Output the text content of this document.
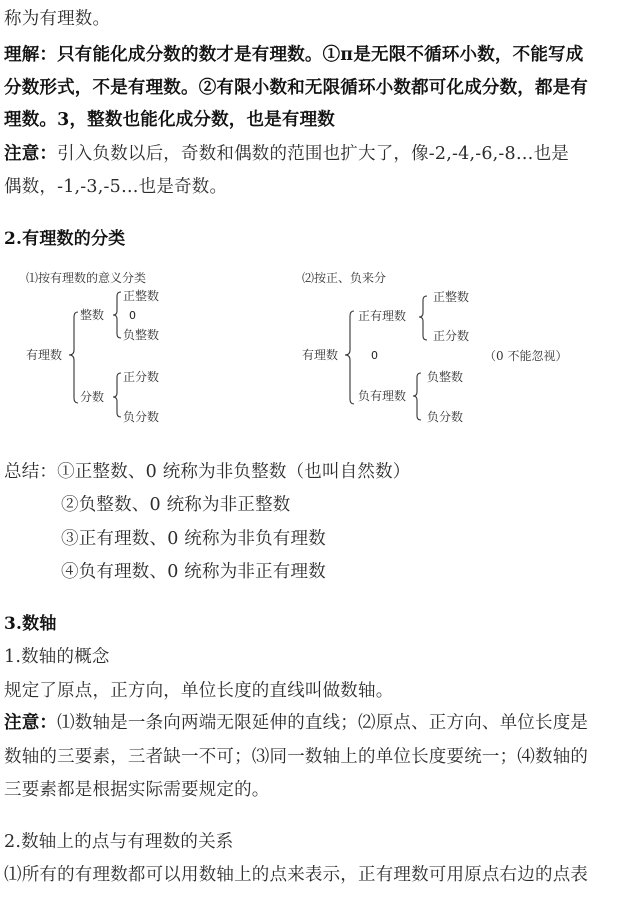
称为有理数。
理解：只有能化成分数的数才是有理数。①π是无限不循环小数，不能写成
分数形式，不是有理数。②有限小数和无限循环小数都可化成分数，都是有
理数。3，整数也能化成分数，也是有理数
注意：引入负数以后，奇数和偶数的范围也扩大了，像-2,-4,-6,-8…也是
偶数，-1,-3,-5…也是奇数。
2.有理数的分类
⑴按有理数的意义分类
有理数
整数
正整数
0
负整数
分数
正分数
负分数
⑵按正、负来分
有理数
正有理数
正整数
正分数
0
负有理数
负整数
负分数
（0 不能忽视）
总结：①正整数、0 统称为非负整数（也叫自然数）
②负整数、0 统称为非正整数
③正有理数、0 统称为非负有理数
④负有理数、0 统称为非正有理数
3.数轴
1.数轴的概念
规定了原点，正方向，单位长度的直线叫做数轴。
注意：⑴数轴是一条向两端无限延伸的直线；⑵原点、正方向、单位长度是
数轴的三要素，三者缺一不可；⑶同一数轴上的单位长度要统一；⑷数轴的
三要素都是根据实际需要规定的。
2.数轴上的点与有理数的关系
⑴所有的有理数都可以用数轴上的点来表示，正有理数可用原点右边的点表
